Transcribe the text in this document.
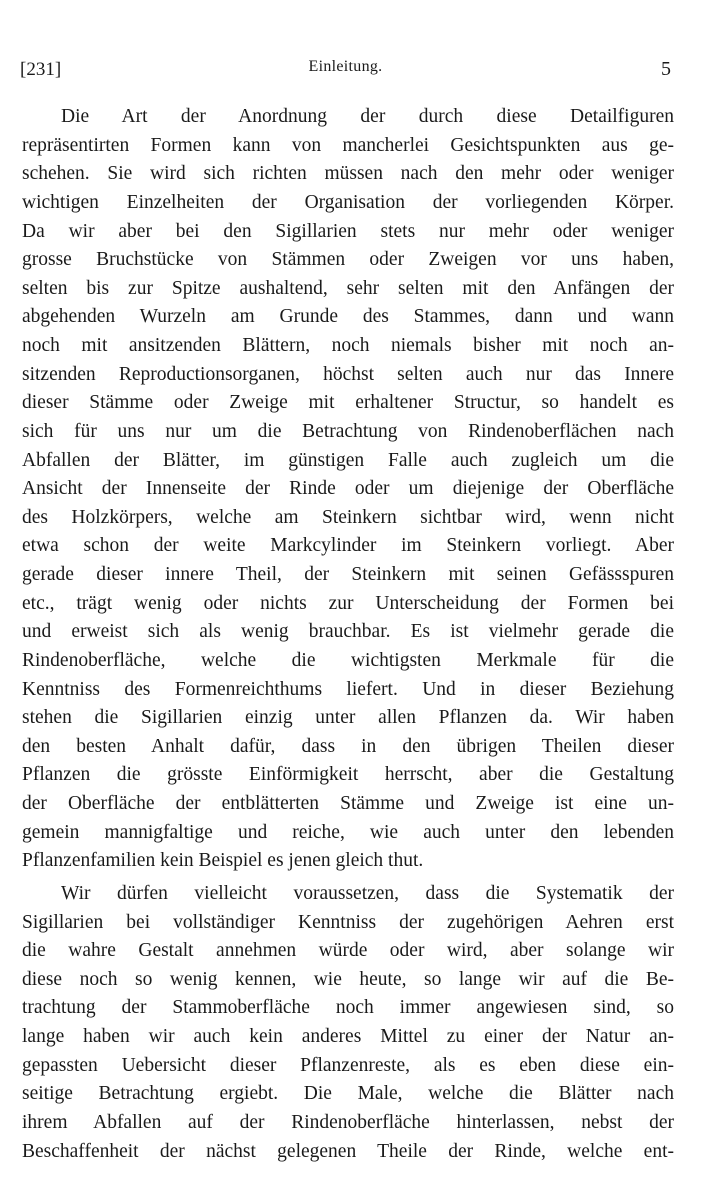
[231]	Einleitung.	5
Die Art der Anordnung der durch diese Detailfiguren
repräsentirten Formen kann von mancherlei Gesichtspunkten aus ge-
schehen. Sie wird sich richten müssen nach den mehr oder weniger
wichtigen Einzelheiten der Organisation der vorliegenden Körper.
Da wir aber bei den Sigillarien stets nur mehr oder weniger
grosse Bruchstücke von Stämmen oder Zweigen vor uns haben,
selten bis zur Spitze aushaltend, sehr selten mit den Anfängen der
abgehenden Wurzeln am Grunde des Stammes, dann und wann
noch mit ansitzenden Blättern, noch niemals bisher mit noch an-
sitzenden Reproductionsorganen, höchst selten auch nur das Innere
dieser Stämme oder Zweige mit erhaltener Structur, so handelt es
sich für uns nur um die Betrachtung von Rindenoberflächen nach
Abfallen der Blätter, im günstigen Falle auch zugleich um die
Ansicht der Innenseite der Rinde oder um diejenige der Oberfläche
des Holzkörpers, welche am Steinkern sichtbar wird, wenn nicht
etwa schon der weite Markcylinder im Steinkern vorliegt. Aber
gerade dieser innere Theil, der Steinkern mit seinen Gefässspuren
etc., trägt wenig oder nichts zur Unterscheidung der Formen bei
und erweist sich als wenig brauchbar. Es ist vielmehr gerade die
Rindenoberfläche, welche die wichtigsten Merkmale für die
Kenntniss des Formenreichthums liefert. Und in dieser Beziehung
stehen die Sigillarien einzig unter allen Pflanzen da. Wir haben
den besten Anhalt dafür, dass in den übrigen Theilen dieser
Pflanzen die grösste Einförmigkeit herrscht, aber die Gestaltung
der Oberfläche der entblätterten Stämme und Zweige ist eine un-
gemein mannigfaltige und reiche, wie auch unter den lebenden
Pflanzenfamilien kein Beispiel es jenen gleich thut.
Wir dürfen vielleicht voraussetzen, dass die Systematik der
Sigillarien bei vollständiger Kenntniss der zugehörigen Aehren erst
die wahre Gestalt annehmen würde oder wird, aber solange wir
diese noch so wenig kennen, wie heute, so lange wir auf die Be-
trachtung der Stammoberfläche noch immer angewiesen sind, so
lange haben wir auch kein anderes Mittel zu einer der Natur an-
gepassten Uebersicht dieser Pflanzenreste, als es eben diese ein-
seitige Betrachtung ergiebt. Die Male, welche die Blätter nach
ihrem Abfallen auf der Rindenoberfläche hinterlassen, nebst der
Beschaffenheit der nächst gelegenen Theile der Rinde, welche ent-
